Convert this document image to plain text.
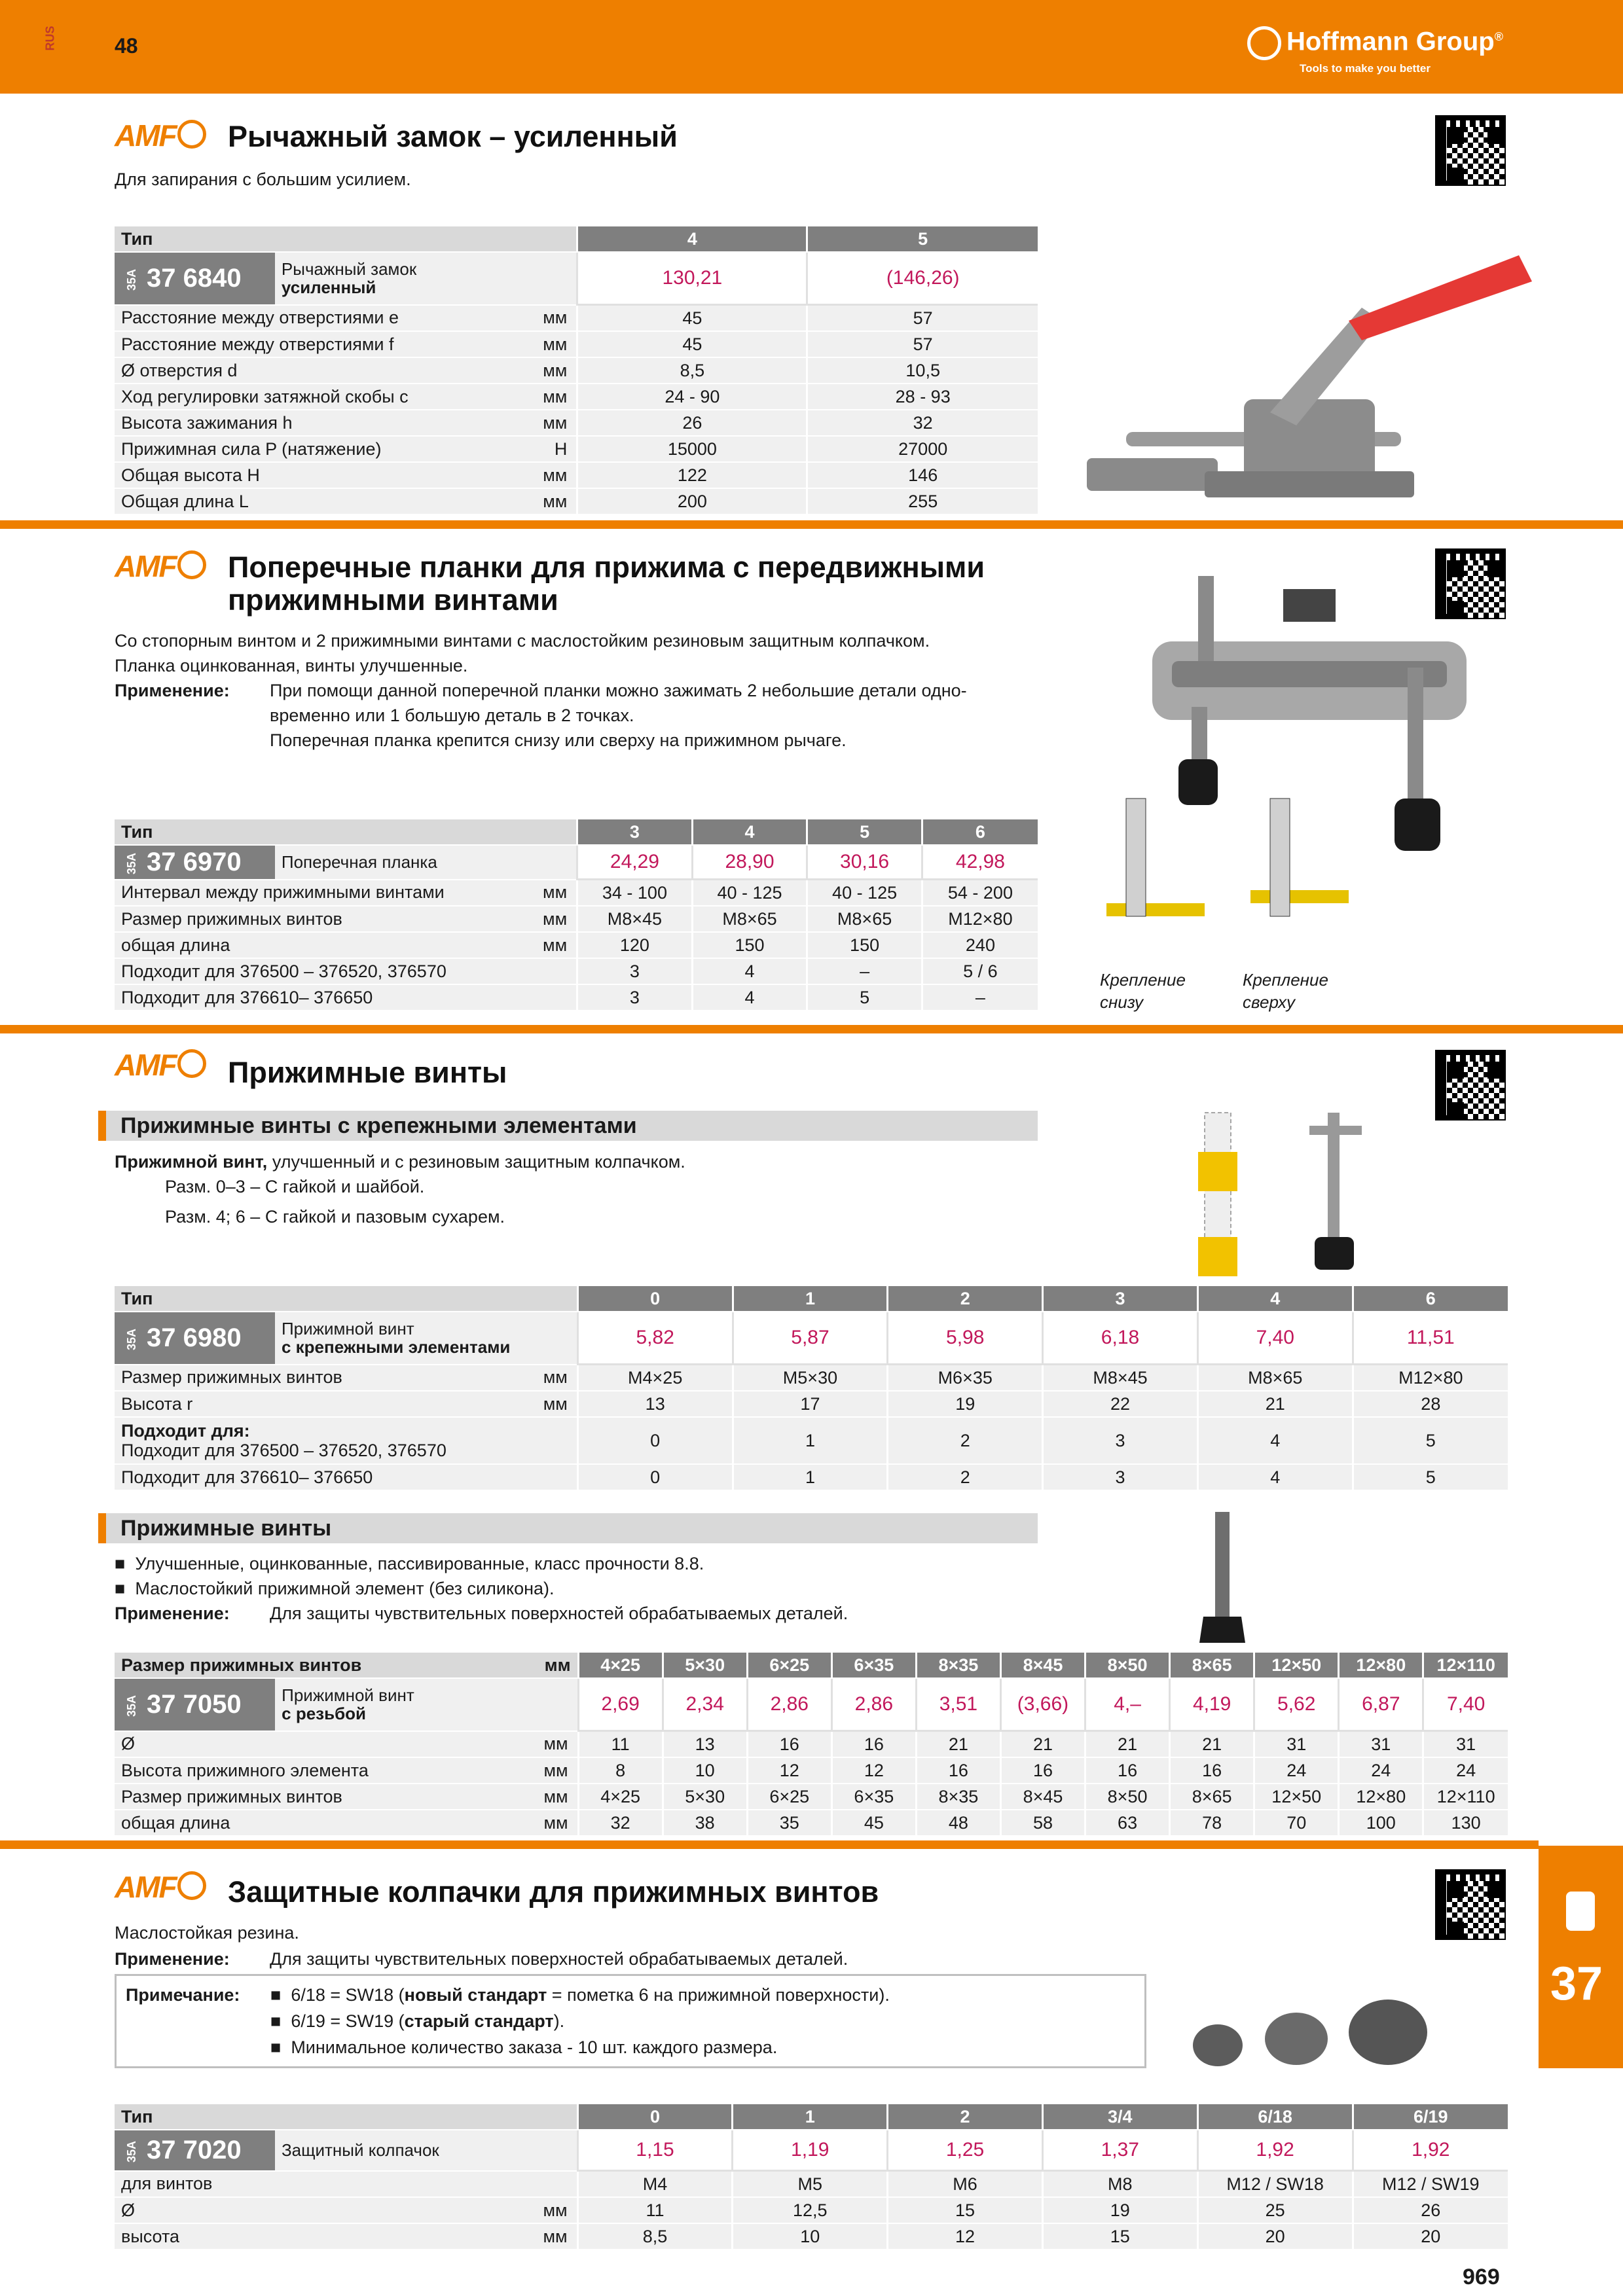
RUS	48	Hoffmann Group®
Tools to make you better
AMF	Рычажный замок – усиленный
Для запирания с большим усилием.
Тип			4	5
35A 37 6840	Рычажный замок
усиленный		130,21	(146,26)
Расстояние между отверстиями e		мм	45	57
Расстояние между отверстиями f		мм	45	57
Ø отверстия d		мм	8,5	10,5
Ход регулировки затяжной скобы c		мм	24 - 90	28 - 93
Высота зажимания h		мм	26	32
Прижимная сила P (натяжение)		Н	15000	27000
Общая высота H		мм	122	146
Общая длина L		мм	200	255
AMF	Поперечные планки для прижима с передвижными
прижимными винтами
Со стопорным винтом и 2 прижимными винтами с маслостойким резиновым защитным колпачком.
Планка оцинкованная, винты улучшенные.
Применение: При помощи данной поперечной планки можно зажимать 2 небольшие детали одно-
временно или 1 большую деталь в 2 точках.
Поперечная планка крепится снизу или сверху на прижимном рычаге.
Крепление
снизу
Крепление
сверху
Тип			3	4	5	6
35A 37 6970	Поперечная планка		24,29	28,90	30,16	42,98
Интервал между прижимными винтами		мм	34 - 100	40 - 125	40 - 125	54 - 200
Размер прижимных винтов		мм	M8×45	M8×65	M8×65	M12×80
общая длина		мм	120	150	150	240
Подходит для 376500 – 376520, 376570			3	4	–	5 / 6
Подходит для 376610– 376650			3	4	5	–
AMF	Прижимные винты
Прижимные винты с крепежными элементами
Прижимной винт, улучшенный и с резиновым защитным колпачком.
Разм. 0–3 – С гайкой и шайбой.
Разм. 4; 6 – С гайкой и пазовым сухарем.
Тип			0	1	2	3	4	6
35A 37 6980	Прижимной винт
с крепежными элементами		5,82	5,87	5,98	6,18	7,40	11,51
Размер прижимных винтов		мм	M4×25	M5×30	M6×35	M8×45	M8×65	M12×80
Высота r		мм	13	17	19	22	21	28
Подходит для:
Подходит для 376500 – 376520, 376570			0	1	2	3	4	5
Подходит для 376610– 376650			0	1	2	3	4	5
Прижимные винты
■  Улучшенные, оцинкованные, пассивированные, класс прочности 8.8.
■  Маслостойкий прижимной элемент (без силикона).
Применение: Для защиты чувствительных поверхностей обрабатываемых деталей.
Размер прижимных винтов		мм	4×25	5×30	6×25	6×35	8×35	8×45	8×50	8×65	12×50	12×80	12×110
35A 37 7050	Прижимной винт
с резьбой		2,69	2,34	2,86	2,86	3,51	(3,66)	4,–	4,19	5,62	6,87	7,40
Ø		мм	11	13	16	16	21	21	21	21	31	31	31
Высота прижимного элемента		мм	8	10	12	12	16	16	16	16	24	24	24
Размер прижимных винтов		мм	4×25	5×30	6×25	6×35	8×35	8×45	8×50	8×65	12×50	12×80	12×110
общая длина		мм	32	38	35	45	48	58	63	78	70	100	130
37
AMF	Защитные колпачки для прижимных винтов
Маслостойкая резина.
Применение: Для защиты чувствительных поверхностей обрабатываемых деталей.
Примечание: ■  6/18 = SW18 (новый стандарт = пометка 6 на прижимной поверхности).
■  6/19 = SW19 (старый стандарт).
■  Минимальное количество заказа - 10 шт. каждого размера.
Тип			0	1	2	3/4	6/18	6/19
35A 37 7020	Защитный колпачок		1,15	1,19	1,25	1,37	1,92	1,92
для винтов			M4	M5	M6	M8	M12 / SW18	M12 / SW19
Ø		мм	11	12,5	15	19	25	26
высота		мм	8,5	10	12	15	20	20
969
